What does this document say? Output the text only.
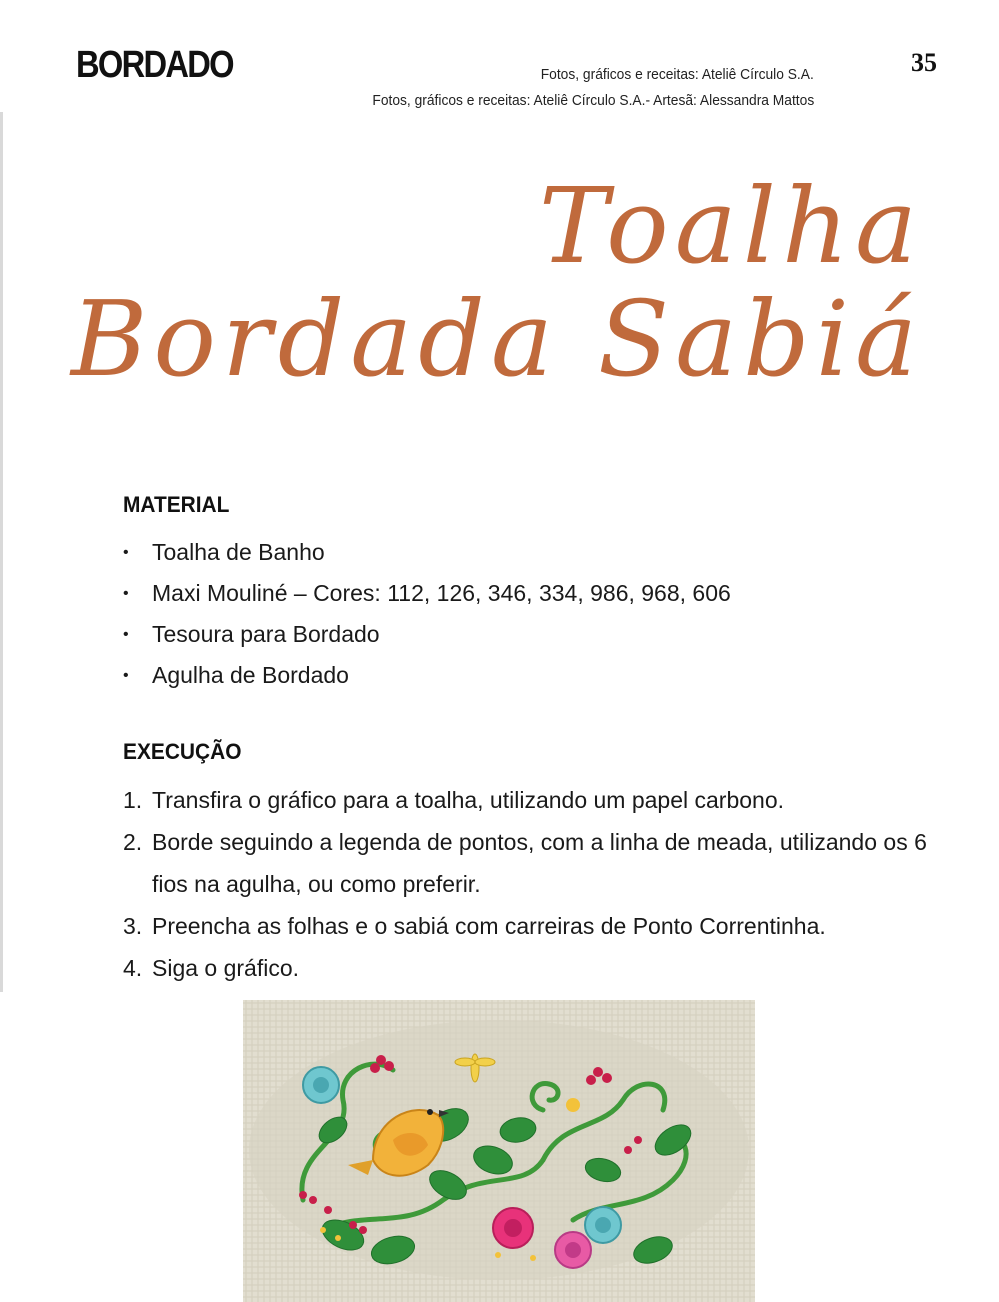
BORDADO	35
Fotos, gráficos e receitas: Ateliê Círculo S.A.
Fotos, gráficos e receitas: Ateliê Círculo S.A.- Artesã: Alessandra Mattos
Toalha
Bordada Sabiá
MATERIAL
• Toalha de Banho
• Maxi Mouliné – Cores: 112, 126, 346, 334, 986, 968, 606
• Tesoura para Bordado
• Agulha de Bordado
EXECUÇÃO
1. Transfira o gráfico para a toalha, utilizando um papel carbono.
2. Borde seguindo a legenda de pontos, com a linha de meada, utilizando os 6 fios na agulha, ou como preferir.
3. Preencha as folhas e o sabiá com carreiras de Ponto Correntinha.
4. Siga o gráfico.
